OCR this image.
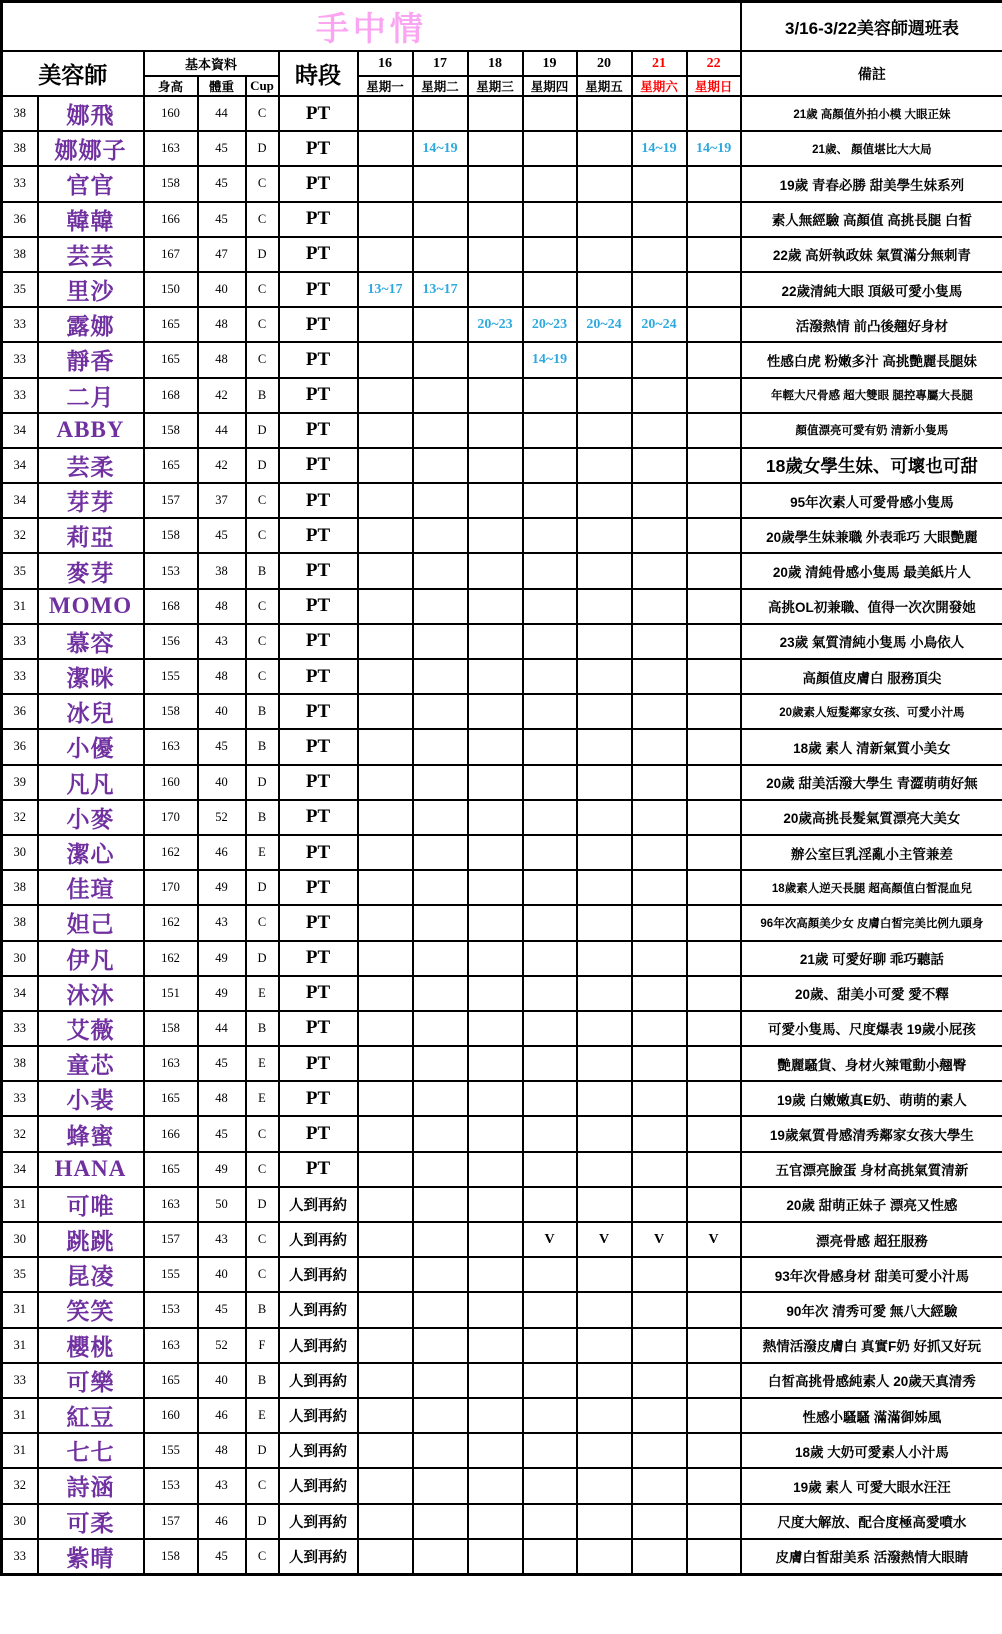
手中情													3/16-3/22美容師週班表
美容師		基本資料			時段	16	17	18	19	20	21	22	備註
		身高	體重	Cup		星期一	星期二	星期三	星期四	星期五	星期六	星期日	
38	娜飛	160	44	C	PT								21歲 高顏值外拍小模 大眼正妹
38	娜娜子	163	45	D	PT		14~19				14~19	14~19	21歲、 顏值堪比大大局
33	官官	158	45	C	PT								19歲 青春必勝 甜美學生妹系列
36	韓韓	166	45	C	PT								素人無經驗 高顏值 高挑長腿 白皙
38	芸芸	167	47	D	PT								22歲 高妍執政妹 氣質滿分無刺青
35	里沙	150	40	C	PT	13~17	13~17						22歲清純大眼 頂級可愛小隻馬
33	露娜	165	48	C	PT			20~23	20~23	20~24	20~24		活潑熱情 前凸後翹好身材
33	靜香	165	48	C	PT				14~19				性感白虎 粉嫩多汁 高挑艷麗長腿妹
33	二月	168	42	B	PT								年輕大尺骨感 超大雙眼 腿控專屬大長腿
34	ABBY	158	44	D	PT								顏值漂亮可愛有奶 清新小隻馬
34	芸柔	165	42	D	PT								18歲女學生妹、可壞也可甜
34	芽芽	157	37	C	PT								95年次素人可愛骨感小隻馬
32	莉亞	158	45	C	PT								20歲學生妹兼職 外表乖巧 大眼艷麗
35	麥芽	153	38	B	PT								20歲 清純骨感小隻馬 最美紙片人
31	MOMO	168	48	C	PT								高挑OL初兼職、值得一次次開發她
33	慕容	156	43	C	PT								23歲 氣質清純小隻馬 小鳥依人
33	潔咪	155	48	C	PT								高顏值皮膚白 服務頂尖
36	冰兒	158	40	B	PT								20歲素人短髮鄰家女孩、可愛小汁馬
36	小優	163	45	B	PT								18歲 素人 清新氣質小美女
39	凡凡	160	40	D	PT								20歲 甜美活潑大學生 青澀萌萌好無
32	小麥	170	52	B	PT								20歲高挑長髮氣質漂亮大美女
30	潔心	162	46	E	PT								辦公室巨乳淫亂小主管兼差
38	佳瑄	170	49	D	PT								18歲素人逆天長腿 超高顏值白皙混血兒
38	妲己	162	43	C	PT								96年次高顏美少女 皮膚白皙完美比例九頭身
30	伊凡	162	49	D	PT								21歲 可愛好聊 乖巧聽話
34	沐沐	151	49	E	PT								20歲、甜美小可愛 愛不釋
33	艾薇	158	44	B	PT								可愛小隻馬、尺度爆表 19歲小屁孩
38	童芯	163	45	E	PT								艷麗騷貨、身材火辣電動小翹臀
33	小裴	165	48	E	PT								19歲 白嫩嫩真E奶、萌萌的素人
32	蜂蜜	166	45	C	PT								19歲氣質骨感清秀鄰家女孩大學生
34	HANA	165	49	C	PT								五官漂亮臉蛋 身材高挑氣質清新
31	可唯	163	50	D	人到再約								20歲 甜萌正妹子 漂亮又性感
30	跳跳	157	43	C	人到再約				V	V	V	V	漂亮骨感 超狂服務
35	昆凌	155	40	C	人到再約								93年次骨感身材 甜美可愛小汁馬
31	笑笑	153	45	B	人到再約								90年次 清秀可愛 無八大經驗
31	櫻桃	163	52	F	人到再約								熱情活潑皮膚白 真實F奶 好抓又好玩
33	可樂	165	40	B	人到再約								白皙高挑骨感純素人 20歲天真清秀
31	紅豆	160	46	E	人到再約								性感小騷騷 滿滿御姊風
31	七七	155	48	D	人到再約								18歲 大奶可愛素人小汁馬
32	詩涵	153	43	C	人到再約								19歲 素人 可愛大眼水汪汪
30	可柔	157	46	D	人到再約								尺度大解放、配合度極高愛噴水
33	紫晴	158	45	C	人到再約								皮膚白皙甜美系 活潑熱情大眼睛
